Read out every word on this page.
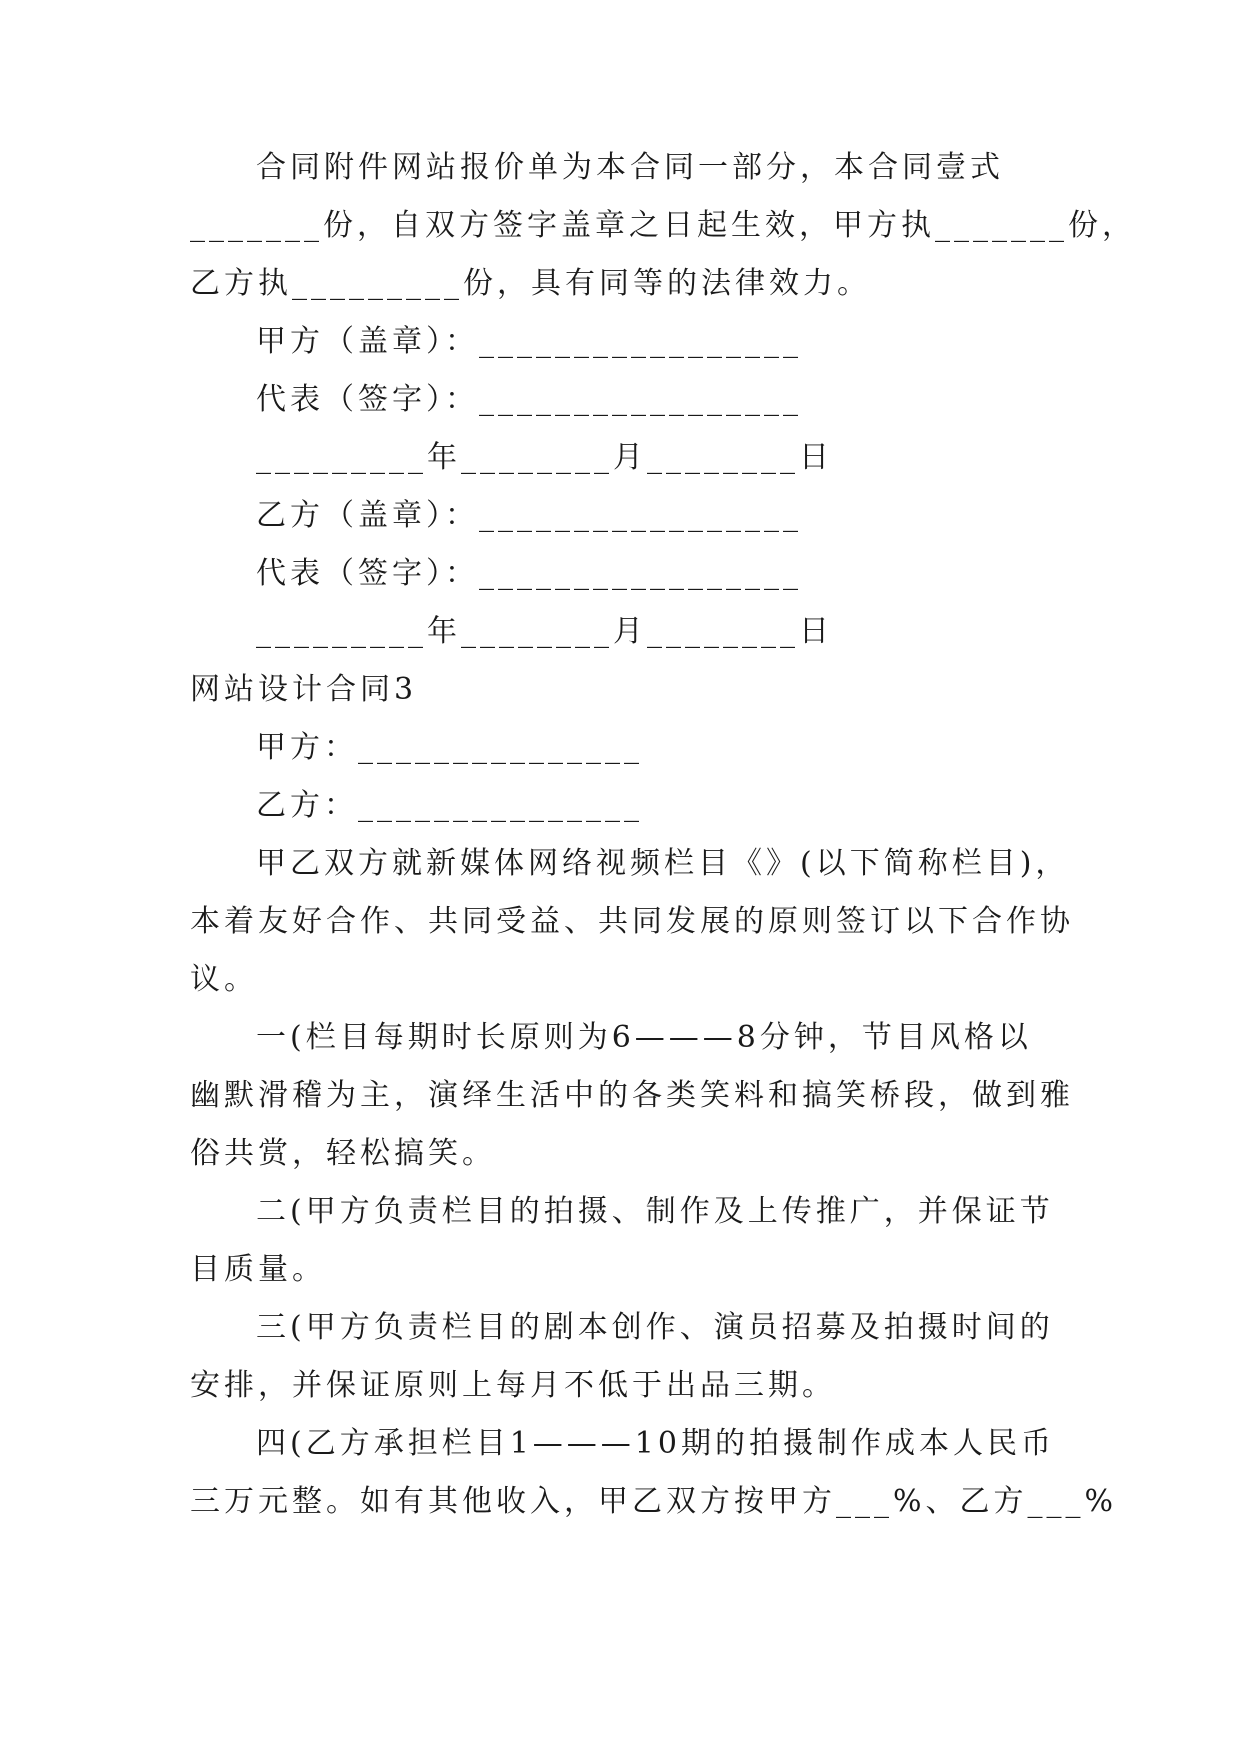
合同附件网站报价单为本合同一部分，本合同壹式
_______份，自双方签字盖章之日起生效，甲方执_______份，
乙方执_________份，具有同等的法律效力。
甲方（盖章）：_________________
代表（签字）：_________________
_________年________月________日
乙方（盖章）：_________________
代表（签字）：_________________
_________年________月________日
网站设计合同3
甲方：_______________
乙方：_______________
甲乙双方就新媒体网络视频栏目《》(以下简称栏目)，
本着友好合作、共同受益、共同发展的原则签订以下合作协
议。
一(栏目每期时长原则为6———8分钟，节目风格以
幽默滑稽为主，演绎生活中的各类笑料和搞笑桥段，做到雅
俗共赏，轻松搞笑。
二(甲方负责栏目的拍摄、制作及上传推广，并保证节
目质量。
三(甲方负责栏目的剧本创作、演员招募及拍摄时间的
安排，并保证原则上每月不低于出品三期。
四(乙方承担栏目1———10期的拍摄制作成本人民币
三万元整。如有其他收入，甲乙双方按甲方___%、乙方___%
